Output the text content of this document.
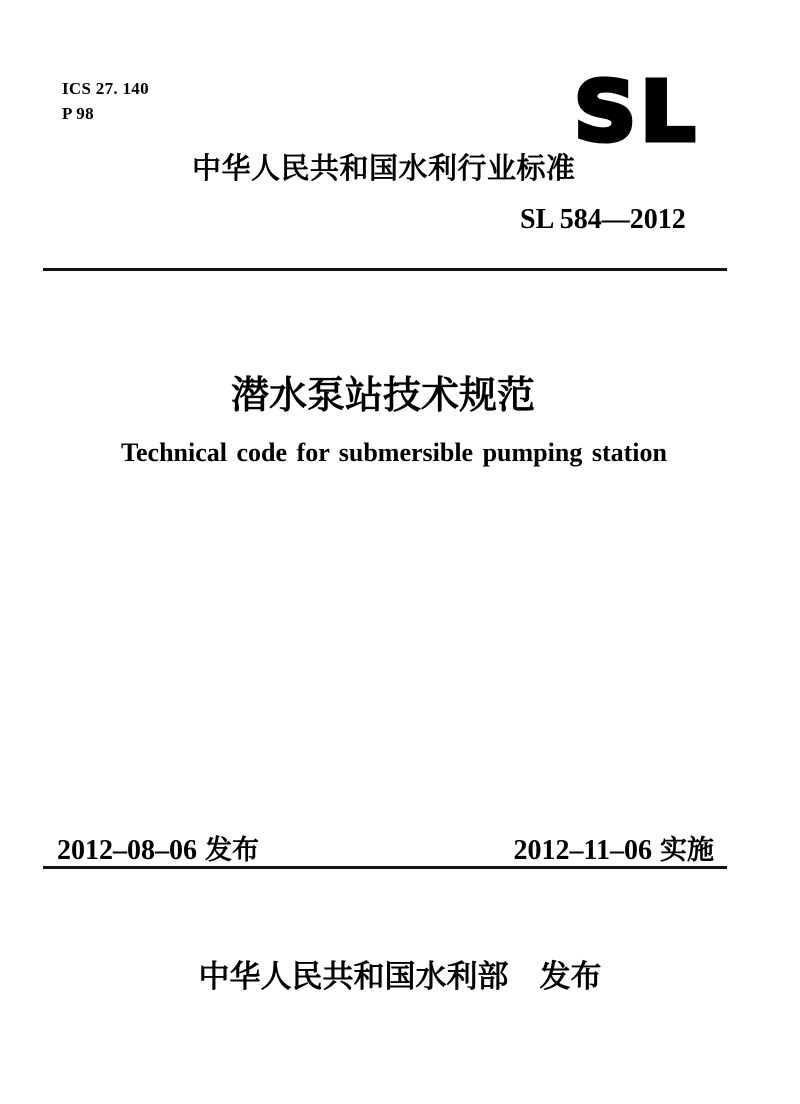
ICS 27. 140
P 98	SL
中华人民共和国水利行业标准
SL 584—2012
潜水泵站技术规范
Technical code for submersible pumping station
2012–08–06 发布	2012–11–06 实施
中华人民共和国水利部 发布
